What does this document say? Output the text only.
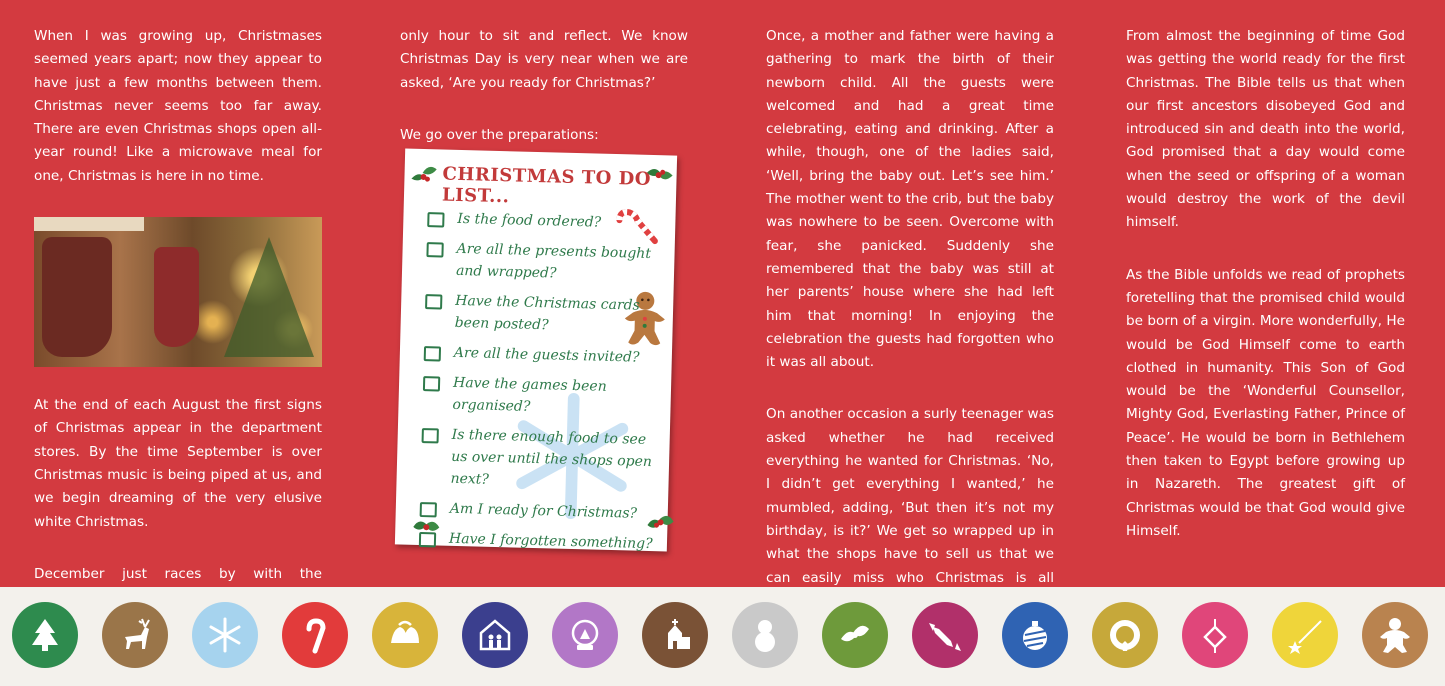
When I was growing up, Christmases seemed years apart; now they appear to have just a few months between them. Christmas never seems too far away. There are even Christmas shops open all-year round! Like a microwave meal for one, Christmas is here in no time.

At the end of each August the first signs of Christmas appear in the department stores. By the time September is over Christmas music is being piped at us, and we begin dreaming of the very elusive white Christmas.

December just races by with the

only hour to sit and reflect. We know Christmas Day is very near when we are asked, ‘Are you ready for Christmas?’

We go over the preparations:

CHRISTMAS TO DO LIST...
Is the food ordered?
Are all the presents bought and wrapped?
Have the Christmas cards been posted?
Are all the guests invited?
Have the games been organised?
Is there enough food to see us over until the shops open next?
Am I ready for Christmas?
Have I forgotten something?

Once, a mother and father were having a gathering to mark the birth of their newborn child. All the guests were welcomed and had a great time celebrating, eating and drinking. After a while, though, one of the ladies said, ‘Well, bring the baby out. Let’s see him.’ The mother went to the crib, but the baby was nowhere to be seen. Overcome with fear, she panicked. Suddenly she remembered that the baby was still at her parents’ house where she had left him that morning! In enjoying the celebration the guests had forgotten who it was all about.

On another occasion a surly teenager was asked whether he had received everything he wanted for Christmas. ‘No, I didn’t get everything I wanted,’ he mumbled, adding, ‘But then it’s not my birthday, is it?’ We get so wrapped up in what the shops have to sell us that we can easily miss who Christmas is all

From almost the beginning of time God was getting the world ready for the first Christmas. The Bible tells us that when our first ancestors disobeyed God and introduced sin and death into the world, God promised that a day would come when the seed or offspring of a woman would destroy the work of the devil himself.

As the Bible unfolds we read of prophets foretelling that the promised child would be born of a virgin. More wonderfully, He would be God Himself come to earth clothed in humanity. This Son of God would be the ‘Wonderful Counsellor, Mighty God, Everlasting Father, Prince of Peace’. He would be born in Bethlehem then taken to Egypt before growing up in Nazareth. The greatest gift of Christmas would be that God would give Himself.
